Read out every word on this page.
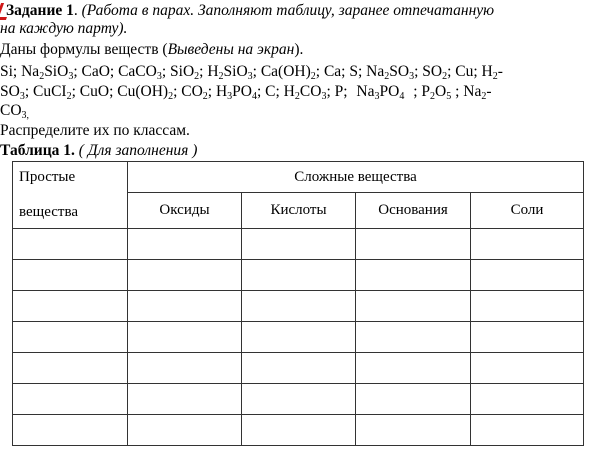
Задание 1. (Работа в парах. Заполняют таблицу, заранее отпечатанную
на каждую парту).
Даны формулы веществ (Выведены на экран).
Si; $Na_2SiO_3$; CaO; CaCO$_3$; SiO$_2$; $H_2SiO_3$; $Ca(OH)_2$; Ca; S; $Na_2SO_3$; $SO_2$; Cu; $H_2-$
$SO_3$; CuCI$_2$; CuO; $Cu(OH)_2$; $CO_2$; $H_3PO_4$; C; $H_2CO_3$; P; $Na_3PO_4$ ; $P_2O_5$ ; $Na_2-$
$CO_{3,}$
Распределите их по классам.
Таблица 1. ( Для заполнения )
Простые
вещества	Сложные вещества			
	Оксиды	Кислоты	Основания	Соли
